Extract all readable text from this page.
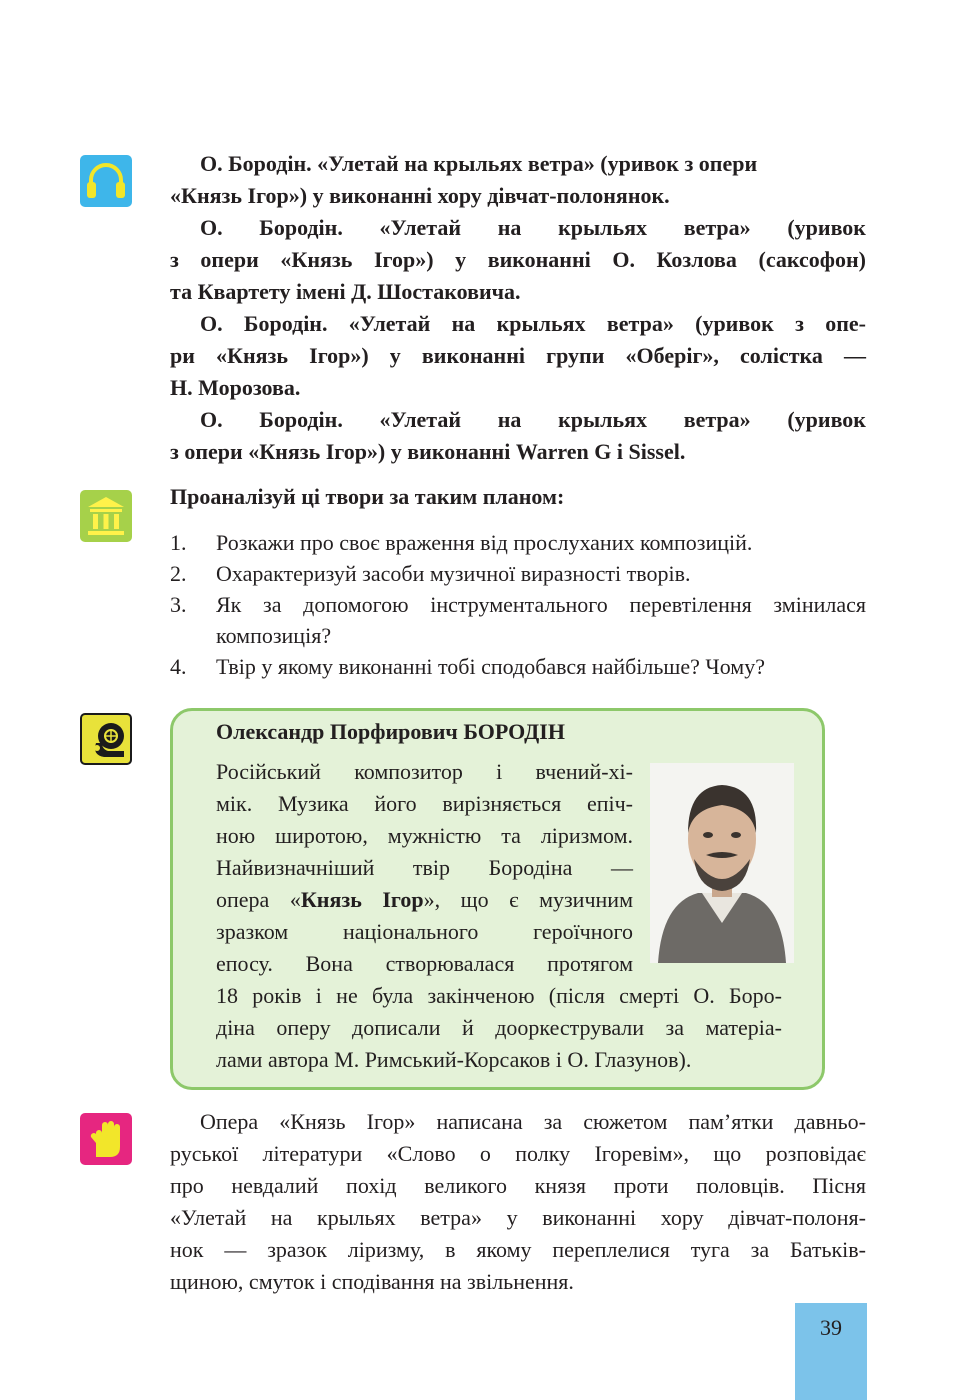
О. Бородін. «Улетай на крыльях ветра» (уривок з опери
«Князь Ігор») у виконанні хору дівчат-полонянок.

О. Бородін. «Улетай на крыльях ветра» (уривок
з опери «Князь Ігор») у виконанні О. Козлова (саксофон)
та Квартету імені Д. Шостаковича.

О. Бородін. «Улетай на крыльях ветра» (уривок з опе-
ри «Князь Ігор») у виконанні групи «Оберіг», солістка —
Н. Морозова.

О. Бородін. «Улетай на крыльях ветра» (уривок
з опери «Князь Ігор») у виконанні Warren G і Sissel.

Проаналізуй ці твори за таким планом:

1. Розкажи про своє враження від прослуханих композицій.
2. Охарактеризуй засоби музичної виразності творів.
3. Як за допомогою інструментального перевтілення змінилася композиція?
4. Твір у якому виконанні тобі сподобався найбільше? Чому?

Олександр Порфирович БОРОДІН

Російський композитор і вчений-хі-
мік. Музика його вирізняється епіч-
ною широтою, мужністю та ліризмом.
Найвизначніший твір Бородіна —
опера «Князь Ігор», що є музичним
зразком національного героїчного
епосу. Вона створювалася протягом
18 років і не була закінченою (після смерті О. Боро-
діна оперу дописали й дооркестрували за матеріа-
лами автора М. Римський-Корсаков і О. Глазунов).

Опера «Князь Ігор» написана за сюжетом пам’ятки давньо-
руської літератури «Слово о полку Ігоревім», що розповідає
про невдалий похід великого князя проти половців. Пісня
«Улетай на крыльях ветра» у виконанні хору дівчат-полоня-
нок — зразок ліризму, в якому переплелися туга за Батьків-
щиною, смуток і сподівання на звільнення.

39
